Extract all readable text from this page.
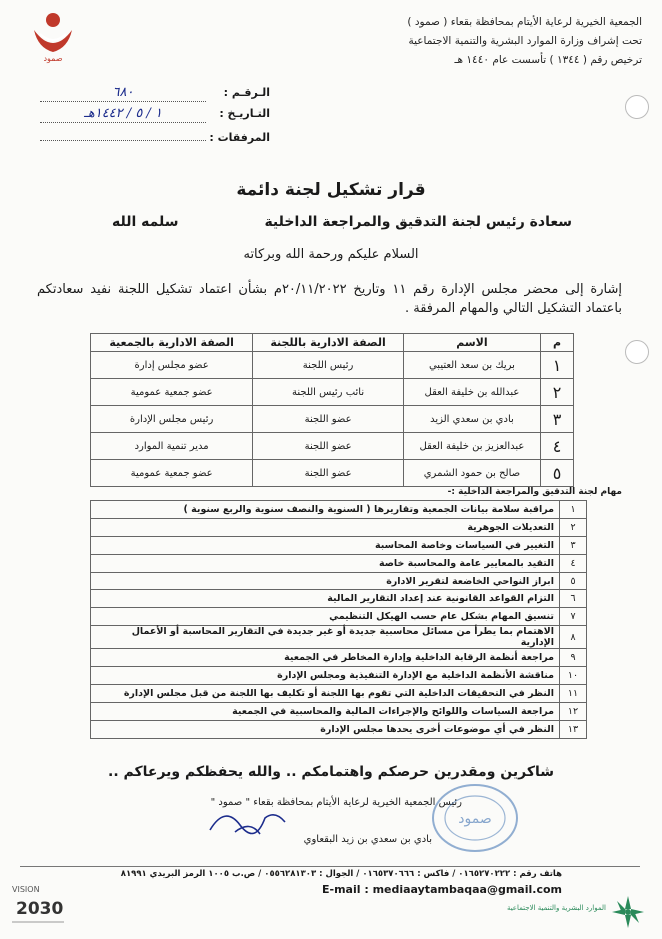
صمود
الجمعية الخيرية لرعاية الأيتام بمحافظة بقعاء ( صمود )
تحت إشراف وزارة الموارد البشرية والتنمية الاجتماعية
ترخيص رقم ( ١٣٤٤ ) تأسست عام ١٤٤٠ هـ
الـرقـم :
٦٨٠
التـاريـخ :
١ / ٥ / ١٤٤٢هـ
المرفقات :
قرار تشكيل لجنة دائمة
سعادة رئيس لجنة التدقيق والمراجعة الداخلية
سلمه الله
السلام عليكم ورحمة الله وبركاته
إشارة إلى محضر مجلس الإدارة رقم ١١ وتاريخ ٢٠/١١/٢٠٢٢م بشأن اعتماد تشكيل اللجنة نفيد سعادتكم باعتماد التشكيل التالي والمهام المرفقة .
م	الاسم	الصفة الادارية باللجنة	الصفة الادارية بالجمعية
١	بريك بن سعد العتيبي	رئيس اللجنة	عضو مجلس إدارة
٢	عبدالله بن خليفة العقل	نائب رئيس اللجنة	عضو جمعية عمومية
٣	بادي بن سعدي الزيد	عضو اللجنة	رئيس مجلس الإدارة
٤	عبدالعزيز بن خليفة العقل	عضو اللجنة	مدير تنمية الموارد
٥	صالح بن حمود الشمري	عضو اللجنة	عضو جمعية عمومية
مهام لجنة التدقيق والمراجعة الداخلية :-
١	مراقبة سلامة بيانات الجمعية وتقاريرها ( السنوية والنصف سنوية والربع سنوية )
٢	التعديلات الجوهرية
٣	التغيير في السياسات وخاصة المحاسبة
٤	التقيد بالمعايير عامة والمحاسبة خاصة
٥	ابراز النواحي الخاضعة لتقرير الادارة
٦	التزام القواعد القانونية عند إعداد التقارير المالية
٧	تنسيق المهام بشكل عام حسب الهيكل التنظيمي
٨	الاهتمام بما يطرأ من مسائل محاسبية جديدة أو غير جديدة في التقارير المحاسبة أو الأعمال الإدارية
٩	مراجعة أنظمة الرقابة الداخلية وإدارة المخاطر في الجمعية
١٠	مناقشة الأنظمة الداخلية مع الإدارة التنفيذية ومجلس الإدارة
١١	النظر في التحقيقات الداخلية التي تقوم بها اللجنة أو تكليف بها اللجنة من قبل مجلس الإدارة
١٢	مراجعة السياسات واللوائح والإجراءات المالية والمحاسبية في الجمعية
١٣	النظر في أي موضوعات أخرى يحدها مجلس الإدارة
شاكرين ومقدرين حرصكم واهتمامكم .. والله يحفظكم ويرعاكم ..
رئيس الجمعية الخيرية لرعاية الأيتام بمحافظة بقعاء " صمود "
بادي بن سعدي بن زيد البقعاوي
صمود
هاتف رقم : ٠١٦٥٢٧٠٢٢٢ / فاكس : ٠١٦٥٣٧٠٦٦٦ / الجوال : ٠٥٥٦٢٨١٣٠٣ / ص.ب ١٠٠٥ الرمز البريدي ٨١٩٩١
E-mail : mediaaytambaqaa@gmail.com
VISION
2030	الموارد البشرية والتنمية الاجتماعية
